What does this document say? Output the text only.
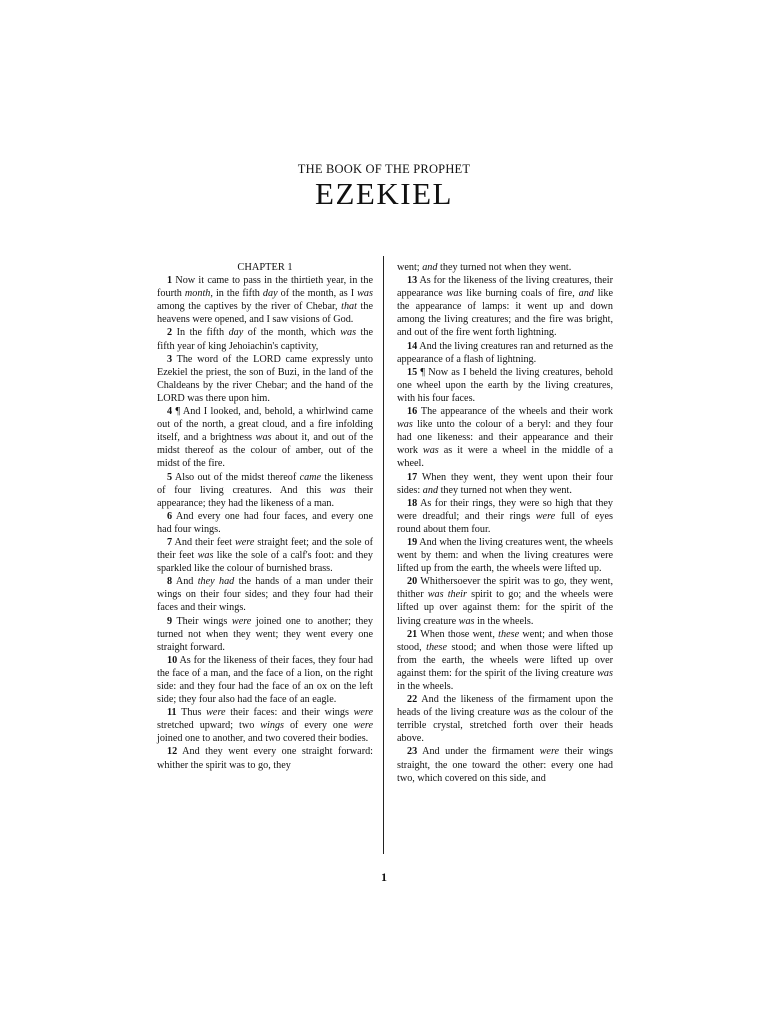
THE BOOK OF THE PROPHET
EZEKIEL
CHAPTER 1

1 Now it came to pass in the thirtieth year, in the fourth month, in the fifth day of the month, as I was among the captives by the river of Chebar, that the heavens were opened, and I saw visions of God.

2 In the fifth day of the month, which was the fifth year of king Jehoiachin's captivity,

3 The word of the LORD came expressly unto Ezekiel the priest, the son of Buzi, in the land of the Chaldeans by the river Chebar; and the hand of the LORD was there upon him.

4 ¶ And I looked, and, behold, a whirlwind came out of the north, a great cloud, and a fire infolding itself, and a brightness was about it, and out of the midst thereof as the colour of amber, out of the midst of the fire.

5 Also out of the midst thereof came the likeness of four living creatures. And this was their appearance; they had the likeness of a man.

6 And every one had four faces, and every one had four wings.

7 And their feet were straight feet; and the sole of their feet was like the sole of a calf's foot: and they sparkled like the colour of burnished brass.

8 And they had the hands of a man under their wings on their four sides; and they four had their faces and their wings.

9 Their wings were joined one to another; they turned not when they went; they went every one straight forward.

10 As for the likeness of their faces, they four had the face of a man, and the face of a lion, on the right side: and they four had the face of an ox on the left side; they four also had the face of an eagle.

11 Thus were their faces: and their wings were stretched upward; two wings of every one were joined one to another, and two covered their bodies.

12 And they went every one straight forward: whither the spirit was to go, they

went; and they turned not when they went.

13 As for the likeness of the living creatures, their appearance was like burning coals of fire, and like the appearance of lamps: it went up and down among the living creatures; and the fire was bright, and out of the fire went forth lightning.

14 And the living creatures ran and returned as the appearance of a flash of lightning.

15 ¶ Now as I beheld the living creatures, behold one wheel upon the earth by the living creatures, with his four faces.

16 The appearance of the wheels and their work was like unto the colour of a beryl: and they four had one likeness: and their appearance and their work was as it were a wheel in the middle of a wheel.

17 When they went, they went upon their four sides: and they turned not when they went.

18 As for their rings, they were so high that they were dreadful; and their rings were full of eyes round about them four.

19 And when the living creatures went, the wheels went by them: and when the living creatures were lifted up from the earth, the wheels were lifted up.

20 Whithersoever the spirit was to go, they went, thither was their spirit to go; and the wheels were lifted up over against them: for the spirit of the living creature was in the wheels.

21 When those went, these went; and when those stood, these stood; and when those were lifted up from the earth, the wheels were lifted up over against them: for the spirit of the living creature was in the wheels.

22 And the likeness of the firmament upon the heads of the living creature was as the colour of the terrible crystal, stretched forth over their heads above.

23 And under the firmament were their wings straight, the one toward the other: every one had two, which covered on this side, and

1
